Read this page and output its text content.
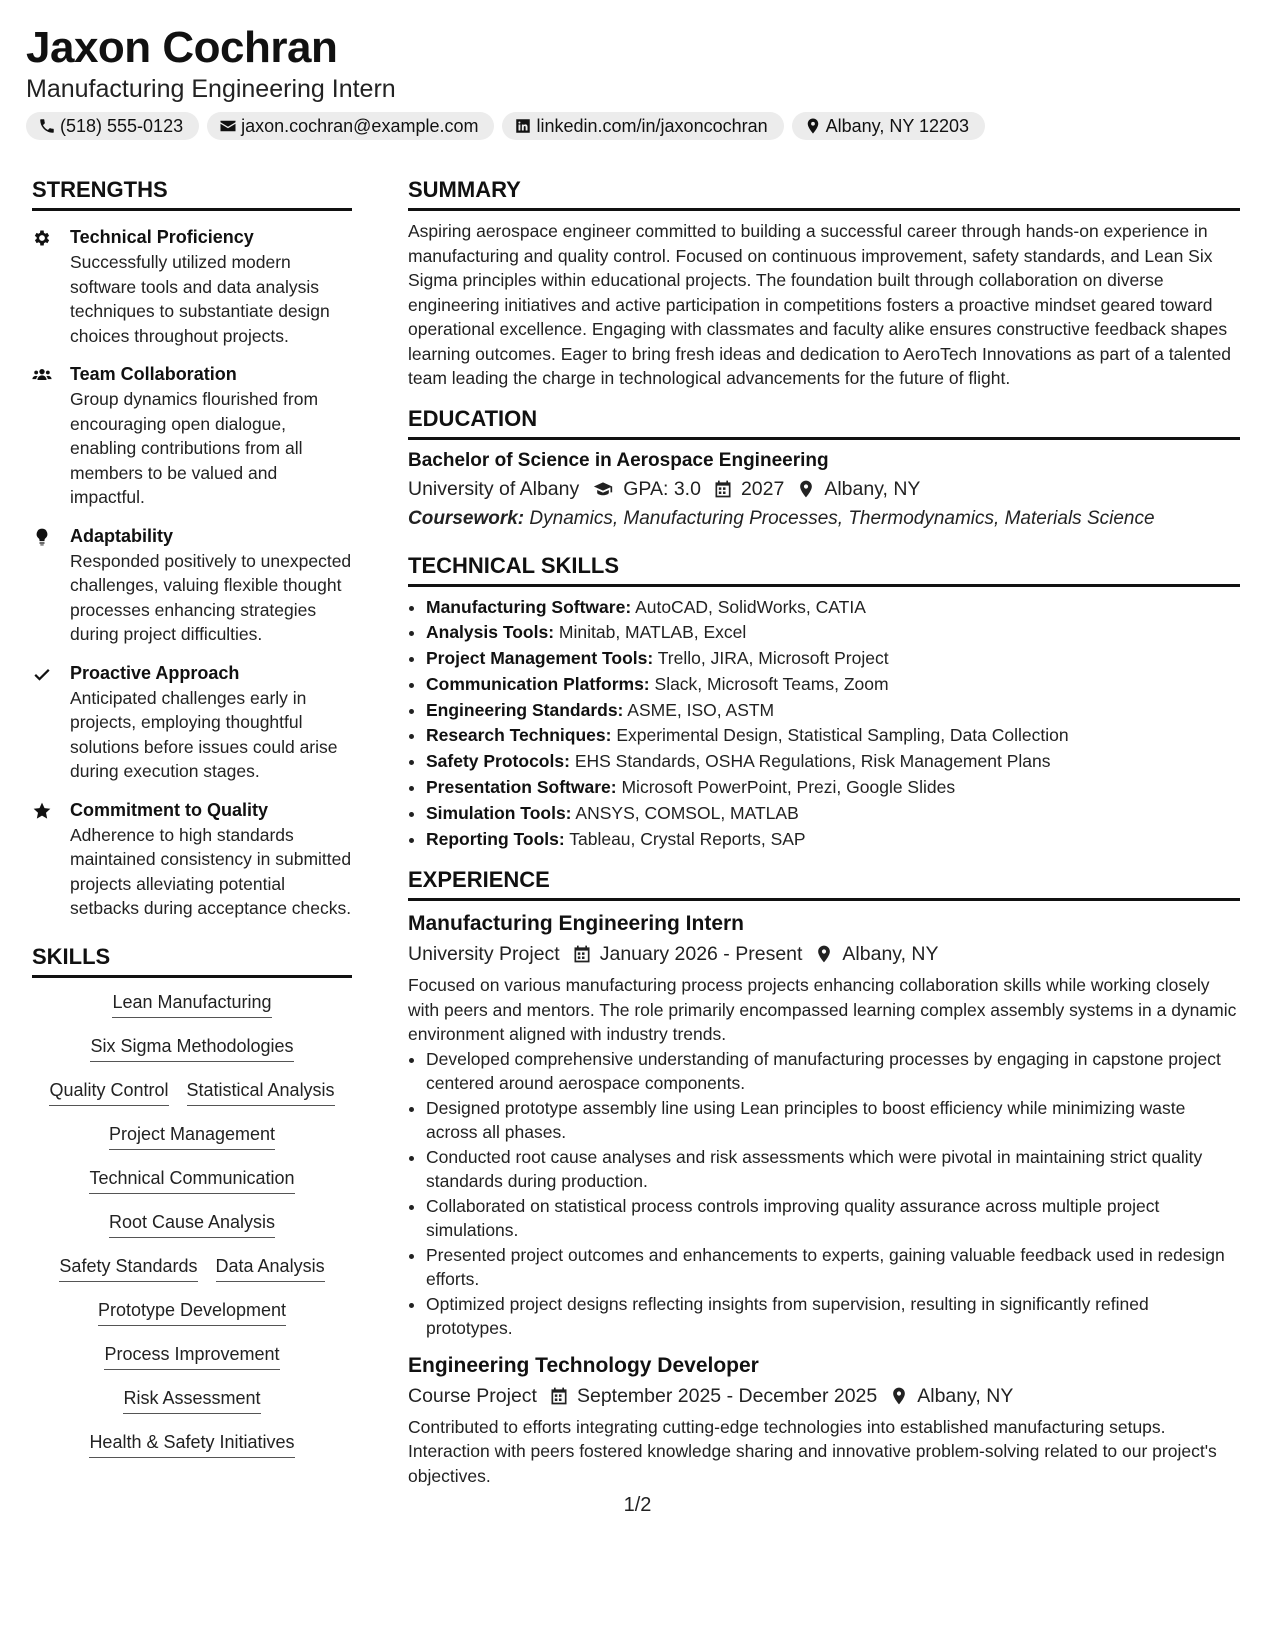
Jaxon Cochran
Manufacturing Engineering Intern
(518) 555-0123	jaxon.cochran@example.com	linkedin.com/in/jaxoncochran	Albany, NY 12203
STRENGTHS
Technical Proficiency
Successfully utilized modern software tools and data analysis techniques to substantiate design choices throughout projects.
Team Collaboration
Group dynamics flourished from encouraging open dialogue, enabling contributions from all members to be valued and impactful.
Adaptability
Responded positively to unexpected challenges, valuing flexible thought processes enhancing strategies during project difficulties.
Proactive Approach
Anticipated challenges early in projects, employing thoughtful solutions before issues could arise during execution stages.
Commitment to Quality
Adherence to high standards maintained consistency in submitted projects alleviating potential setbacks during acceptance checks.
SKILLS
Lean Manufacturing
Six Sigma Methodologies
Quality Control Statistical Analysis
Project Management
Technical Communication
Root Cause Analysis
Safety Standards Data Analysis
Prototype Development
Process Improvement
Risk Assessment
Health & Safety Initiatives
SUMMARY
Aspiring aerospace engineer committed to building a successful career through hands-on experience in manufacturing and quality control. Focused on continuous improvement, safety standards, and Lean Six Sigma principles within educational projects. The foundation built through collaboration on diverse engineering initiatives and active participation in competitions fosters a proactive mindset geared toward operational excellence. Engaging with classmates and faculty alike ensures constructive feedback shapes learning outcomes. Eager to bring fresh ideas and dedication to AeroTech Innovations as part of a talented team leading the charge in technological advancements for the future of flight.
EDUCATION
Bachelor of Science in Aerospace Engineering
University of Albany GPA: 3.0 2027 Albany, NY
Coursework: Dynamics, Manufacturing Processes, Thermodynamics, Materials Science
TECHNICAL SKILLS
• Manufacturing Software: AutoCAD, SolidWorks, CATIA
• Analysis Tools: Minitab, MATLAB, Excel
• Project Management Tools: Trello, JIRA, Microsoft Project
• Communication Platforms: Slack, Microsoft Teams, Zoom
• Engineering Standards: ASME, ISO, ASTM
• Research Techniques: Experimental Design, Statistical Sampling, Data Collection
• Safety Protocols: EHS Standards, OSHA Regulations, Risk Management Plans
• Presentation Software: Microsoft PowerPoint, Prezi, Google Slides
• Simulation Tools: ANSYS, COMSOL, MATLAB
• Reporting Tools: Tableau, Crystal Reports, SAP
EXPERIENCE
Manufacturing Engineering Intern
University Project January 2026 - Present Albany, NY
Focused on various manufacturing process projects enhancing collaboration skills while working closely with peers and mentors. The role primarily encompassed learning complex assembly systems in a dynamic environment aligned with industry trends.
• Developed comprehensive understanding of manufacturing processes by engaging in capstone project centered around aerospace components.
• Designed prototype assembly line using Lean principles to boost efficiency while minimizing waste across all phases.
• Conducted root cause analyses and risk assessments which were pivotal in maintaining strict quality standards during production.
• Collaborated on statistical process controls improving quality assurance across multiple project simulations.
• Presented project outcomes and enhancements to experts, gaining valuable feedback used in redesign efforts.
• Optimized project designs reflecting insights from supervision, resulting in significantly refined prototypes.
Engineering Technology Developer
Course Project September 2025 - December 2025 Albany, NY
Contributed to efforts integrating cutting-edge technologies into established manufacturing setups. Interaction with peers fostered knowledge sharing and innovative problem-solving related to our project's objectives.
1/2
